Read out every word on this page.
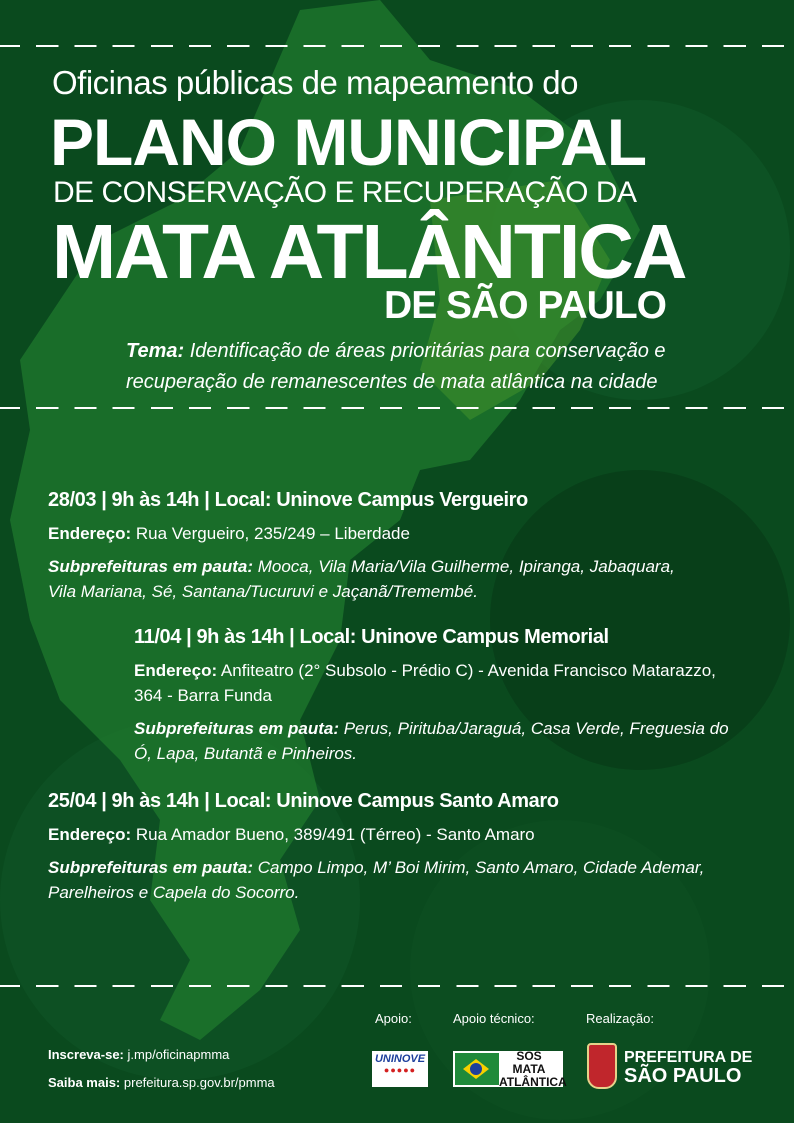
Oficinas públicas de mapeamento do
PLANO MUNICIPAL
DE CONSERVAÇÃO E RECUPERAÇÃO DA
MATA ATLÂNTICA
DE SÃO PAULO
Tema: Identificação de áreas prioritárias para conservação e recuperação de remanescentes de mata atlântica na cidade
28/03 | 9h às 14h | Local: Uninove Campus Vergueiro

Endereço: Rua Vergueiro, 235/249 – Liberdade

Subprefeituras em pauta: Mooca, Vila Maria/Vila Guilherme, Ipiranga, Jabaquara, Vila Mariana, Sé, Santana/Tucuruvi e Jaçanã/Tremembé.

11/04 | 9h às 14h | Local: Uninove Campus Memorial

Endereço: Anfiteatro (2° Subsolo - Prédio C) - Avenida Francisco Matarazzo, 364 - Barra Funda

Subprefeituras em pauta: Perus, Pirituba/Jaraguá, Casa Verde, Freguesia do Ó, Lapa, Butantã e Pinheiros.

25/04 | 9h às 14h | Local: Uninove Campus Santo Amaro

Endereço: Rua Amador Bueno, 389/491 (Térreo) - Santo Amaro

Subprefeituras em pauta: Campo Limpo, M’ Boi Mirim, Santo Amaro, Cidade Ademar, Parelheiros e Capela do Socorro.

Inscreva-se: j.mp/oficinapmma
Saiba mais: prefeitura.sp.gov.br/pmma
Apoio:	Apoio técnico:	Realização:
UNINOVE
●●●●●
SOS MATA ATLÂNTICA
PREFEITURA DE
SÃO PAULO
